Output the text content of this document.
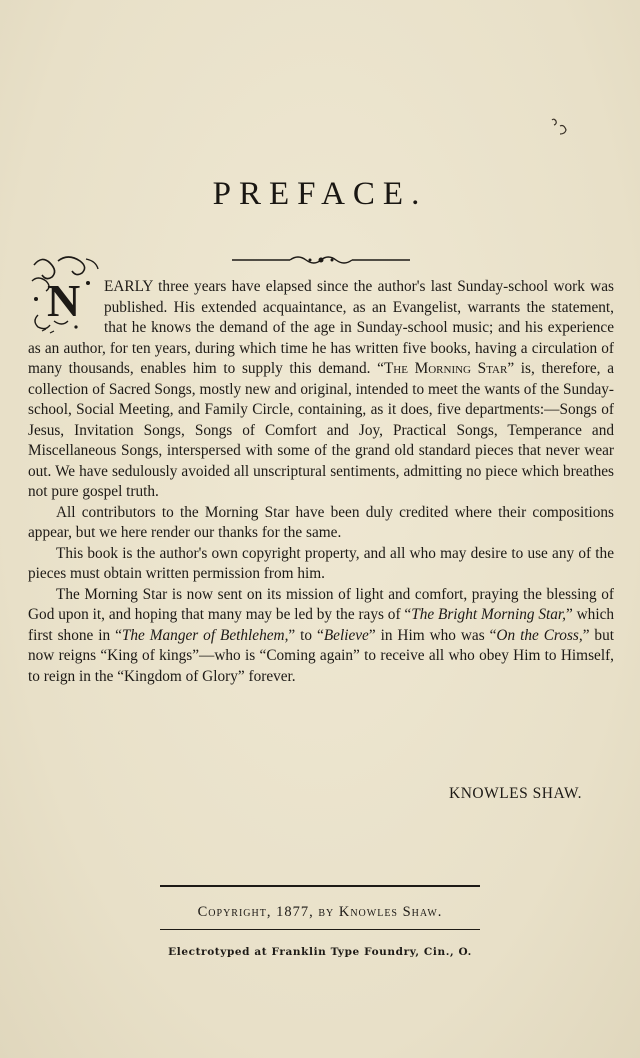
PREFACE.

N EARLY three years have elapsed since the author's last Sunday-school work was published. His extended acquaintance, as an Evangelist, warrants the statement, that he knows the demand of the age in Sunday-school music; and his experience as an author, for ten years, during which time he has written five books, having a circulation of many thousands, enables him to supply this demand. “The Morning Star” is, therefore, a collection of Sacred Songs, mostly new and original, intended to meet the wants of the Sunday-school, Social Meeting, and Family Circle, containing, as it does, five departments:—Songs of Jesus, Invitation Songs, Songs of Comfort and Joy, Practical Songs, Temperance and Miscellaneous Songs, interspersed with some of the grand old standard pieces that never wear out. We have sedulously avoided all unscriptural sentiments, admitting no piece which breathes not pure gospel truth.

All contributors to the Morning Star have been duly credited where their compositions appear, but we here render our thanks for the same.

This book is the author's own copyright property, and all who may desire to use any of the pieces must obtain written permission from him.

The Morning Star is now sent on its mission of light and comfort, praying the blessing of God upon it, and hoping that many may be led by the rays of “The Bright Morning Star,” which first shone in “The Manger of Bethlehem,” to “Believe” in Him who was “On the Cross,” but now reigns “King of kings”—who is “Coming again” to receive all who obey Him to Himself, to reign in the “Kingdom of Glory” forever.

KNOWLES SHAW.
Copyright, 1877, by Knowles Shaw.
Electrotyped at Franklin Type Foundry, Cin., O.
